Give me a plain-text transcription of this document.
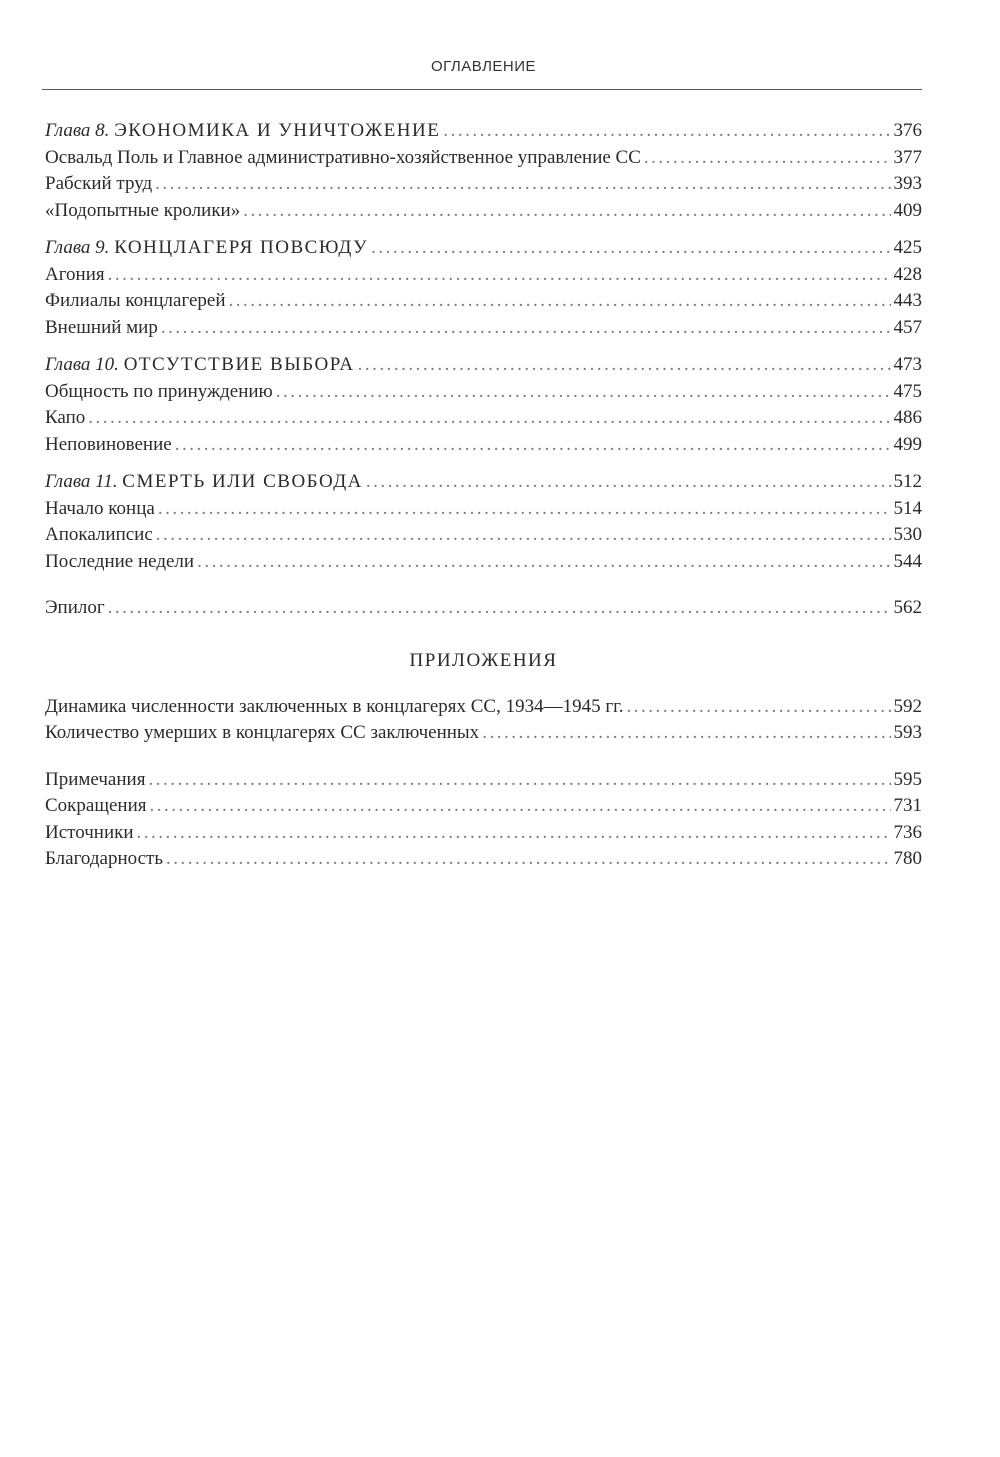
ОГЛАВЛЕНИЕ
Глава 8. ЭКОНОМИКА И УНИЧТОЖЕНИЕ .....	376
Освальд Поль и Главное административно-хозяйственное управление СС .....	377
Рабский труд .....	393
«Подопытные кролики» .....	409
Глава 9. КОНЦЛАГЕРЯ ПОВСЮДУ .....	425
Агония .....	428
Филиалы концлагерей .....	443
Внешний мир .....	457
Глава 10. ОТСУТСТВИЕ ВЫБОРА .....	473
Общность по принуждению .....	475
Капо .....	486
Неповиновение .....	499
Глава 11. СМЕРТЬ ИЛИ СВОБОДА .....	512
Начало конца .....	514
Апокалипсис .....	530
Последние недели .....	544
Эпилог .....	562
ПРИЛОЖЕНИЯ
Динамика численности заключенных в концлагерях СС, 1934—1945 гг. .....	592
Количество умерших в концлагерях СС заключенных .....	593
Примечания .....	595
Сокращения .....	731
Источники .....	736
Благодарность .....	780
